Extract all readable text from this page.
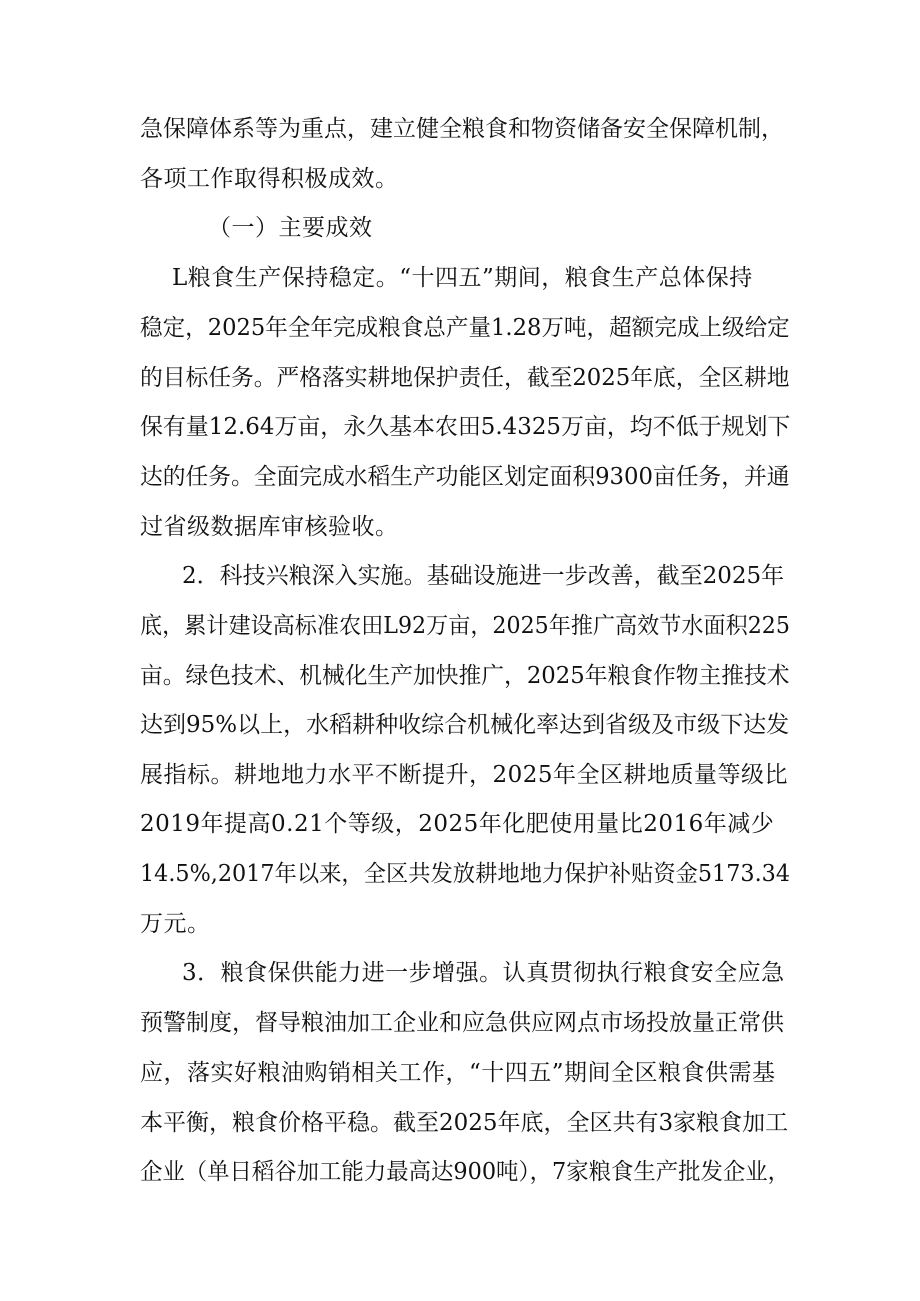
急保障体系等为重点，建立健全粮食和物资储备安全保障机制，
各项工作取得积极成效。
（一）主要成效
L粮食生产保持稳定。“十四五”期间，粮食生产总体保持
稳定，2025年全年完成粮食总产量1.28万吨，超额完成上级给定
的目标任务。严格落实耕地保护责任，截至2025年底，全区耕地
保有量12.64万亩，永久基本农田5.4325万亩，均不低于规划下
达的任务。全面完成水稻生产功能区划定面积9300亩任务，并通
过省级数据库审核验收。
2．科技兴粮深入实施。基础设施进一步改善，截至2025年
底，累计建设高标准农田L92万亩，2025年推广高效节水面积225
亩。绿色技术、机械化生产加快推广，2025年粮食作物主推技术
达到95%以上，水稻耕种收综合机械化率达到省级及市级下达发
展指标。耕地地力水平不断提升，2025年全区耕地质量等级比
2019年提高0.21个等级，2025年化肥使用量比2016年减少
14.5%,2017年以来，全区共发放耕地地力保护补贴资金5173.34
万元。
3．粮食保供能力进一步增强。认真贯彻执行粮食安全应急
预警制度，督导粮油加工企业和应急供应网点市场投放量正常供
应，落实好粮油购销相关工作，“十四五”期间全区粮食供需基
本平衡，粮食价格平稳。截至2025年底，全区共有3家粮食加工
企业（单日稻谷加工能力最高达900吨），7家粮食生产批发企业，
